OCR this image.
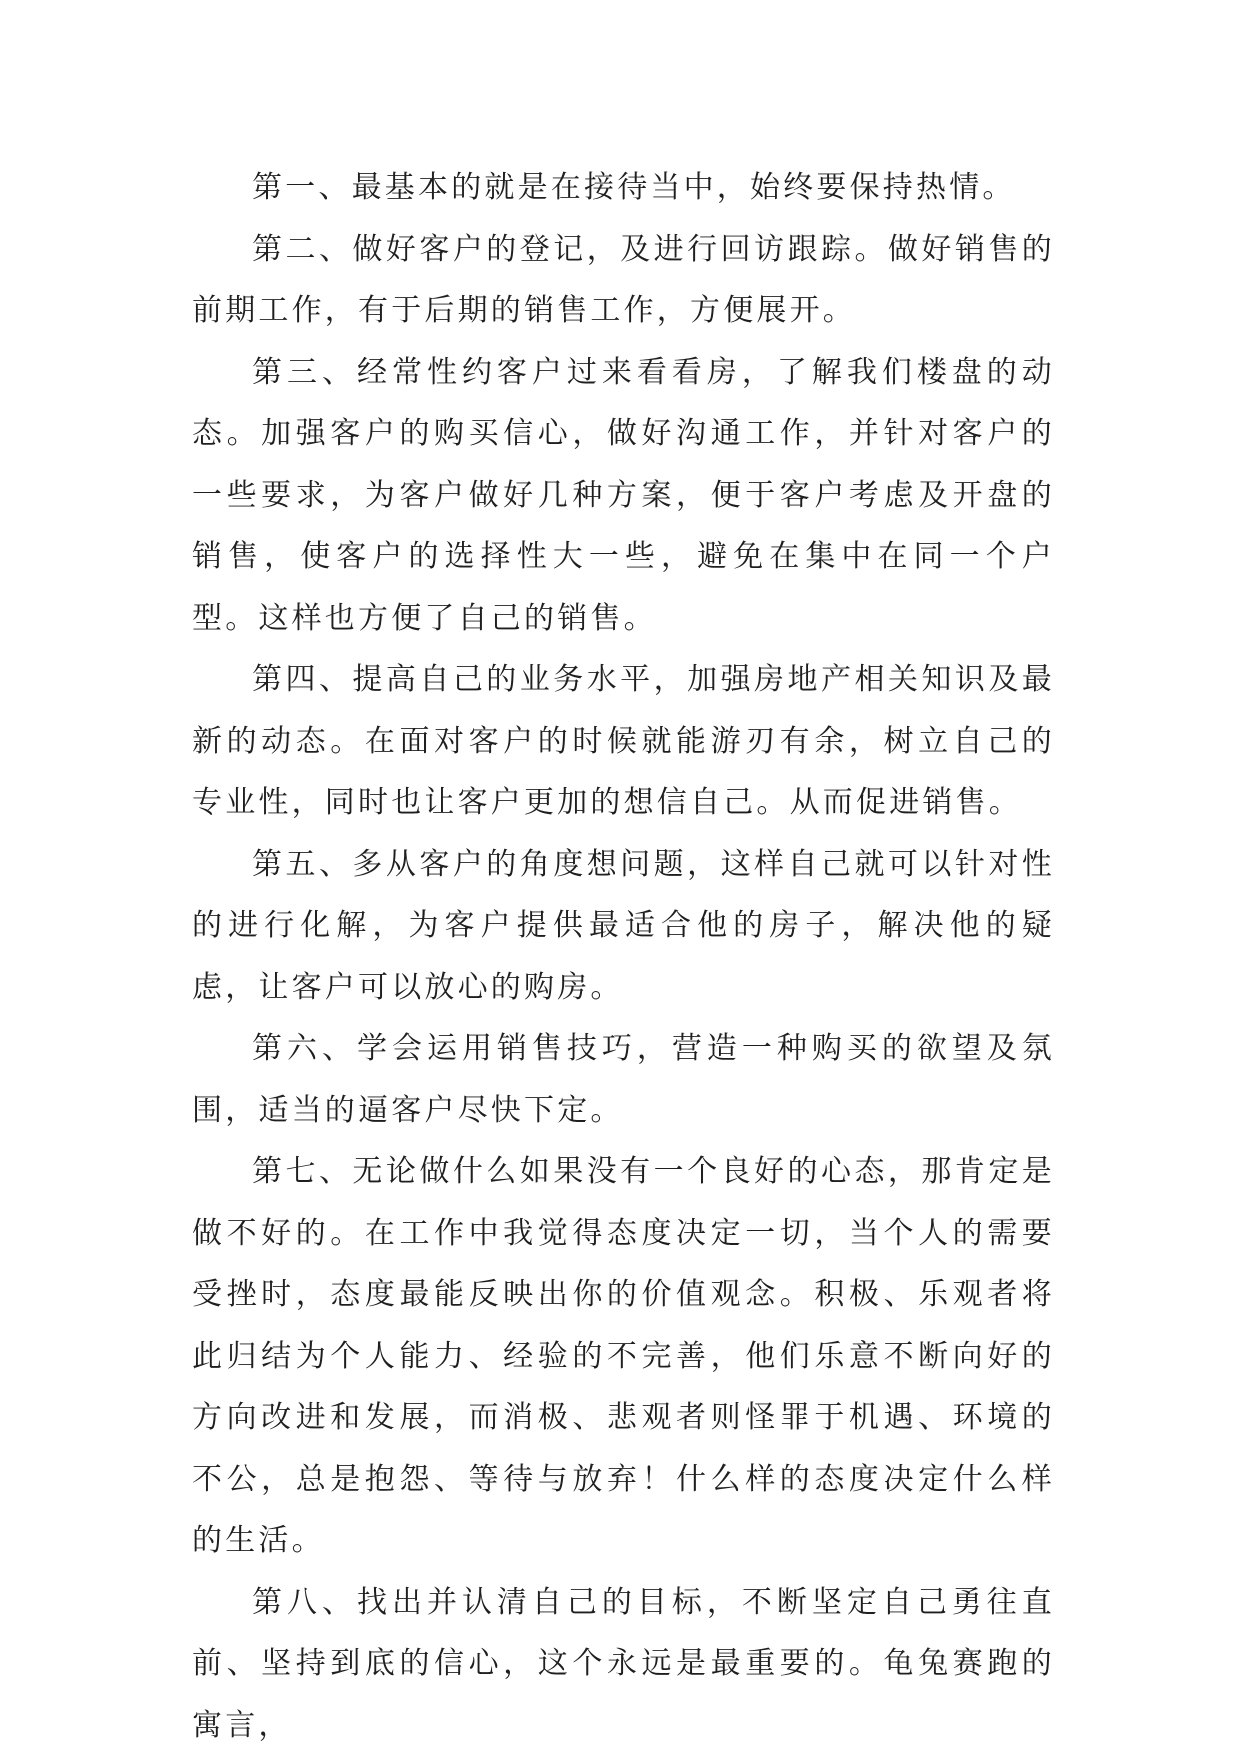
第一、最基本的就是在接待当中，始终要保持热情。

第二、做好客户的登记，及进行回访跟踪。做好销售的前期工作，有于后期的销售工作，方便展开。

第三、经常性约客户过来看看房，了解我们楼盘的动态。加强客户的购买信心，做好沟通工作，并针对客户的一些要求，为客户做好几种方案，便于客户考虑及开盘的销售，使客户的选择性大一些，避免在集中在同一个户型。这样也方便了自己的销售。

第四、提高自己的业务水平，加强房地产相关知识及最新的动态。在面对客户的时候就能游刃有余，树立自己的专业性，同时也让客户更加的想信自己。从而促进销售。

第五、多从客户的角度想问题，这样自己就可以针对性的进行化解，为客户提供最适合他的房子，解决他的疑虑，让客户可以放心的购房。

第六、学会运用销售技巧，营造一种购买的欲望及氛围，适当的逼客户尽快下定。

第七、无论做什么如果没有一个良好的心态，那肯定是做不好的。在工作中我觉得态度决定一切，当个人的需要受挫时，态度最能反映出你的价值观念。积极、乐观者将此归结为个人能力、经验的不完善，他们乐意不断向好的方向改进和发展，而消极、悲观者则怪罪于机遇、环境的不公，总是抱怨、等待与放弃！什么样的态度决定什么样的生活。

第八、找出并认清自己的目标，不断坚定自己勇往直前、坚持到底的信心，这个永远是最重要的。龟兔赛跑的寓言，
